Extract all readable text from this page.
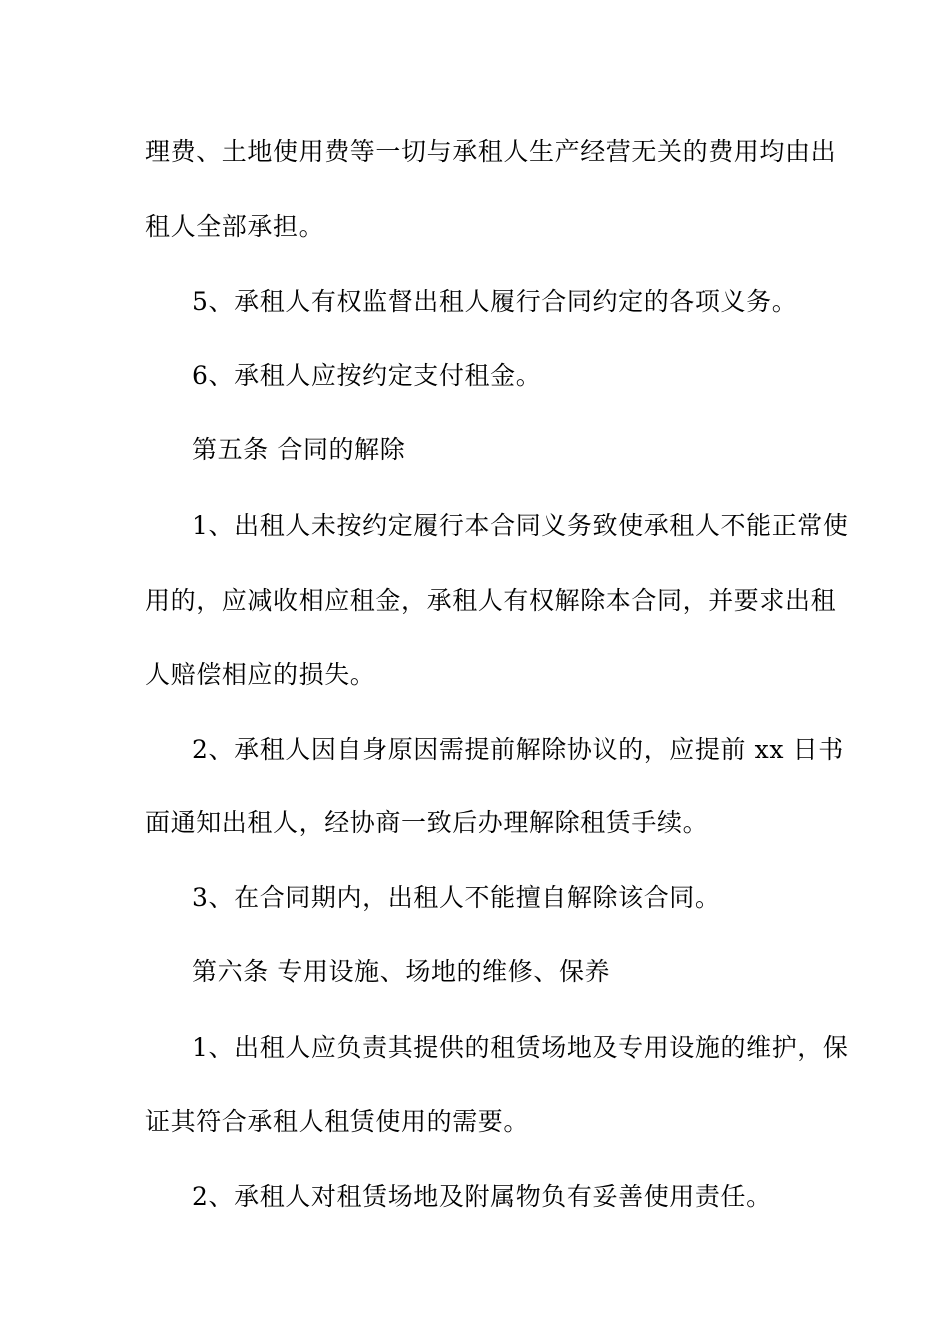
理费、土地使用费等一切与承租人生产经营无关的费用均由出
租人全部承担。
5、承租人有权监督出租人履行合同约定的各项义务。
6、承租人应按约定支付租金。
第五条 合同的解除
1、出租人未按约定履行本合同义务致使承租人不能正常使
用的，应减收相应租金，承租人有权解除本合同，并要求出租
人赔偿相应的损失。
2、承租人因自身原因需提前解除协议的，应提前 xx 日书
面通知出租人，经协商一致后办理解除租赁手续。
3、在合同期内，出租人不能擅自解除该合同。
第六条 专用设施、场地的维修、保养
1、出租人应负责其提供的租赁场地及专用设施的维护，保
证其符合承租人租赁使用的需要。
2、承租人对租赁场地及附属物负有妥善使用责任。
